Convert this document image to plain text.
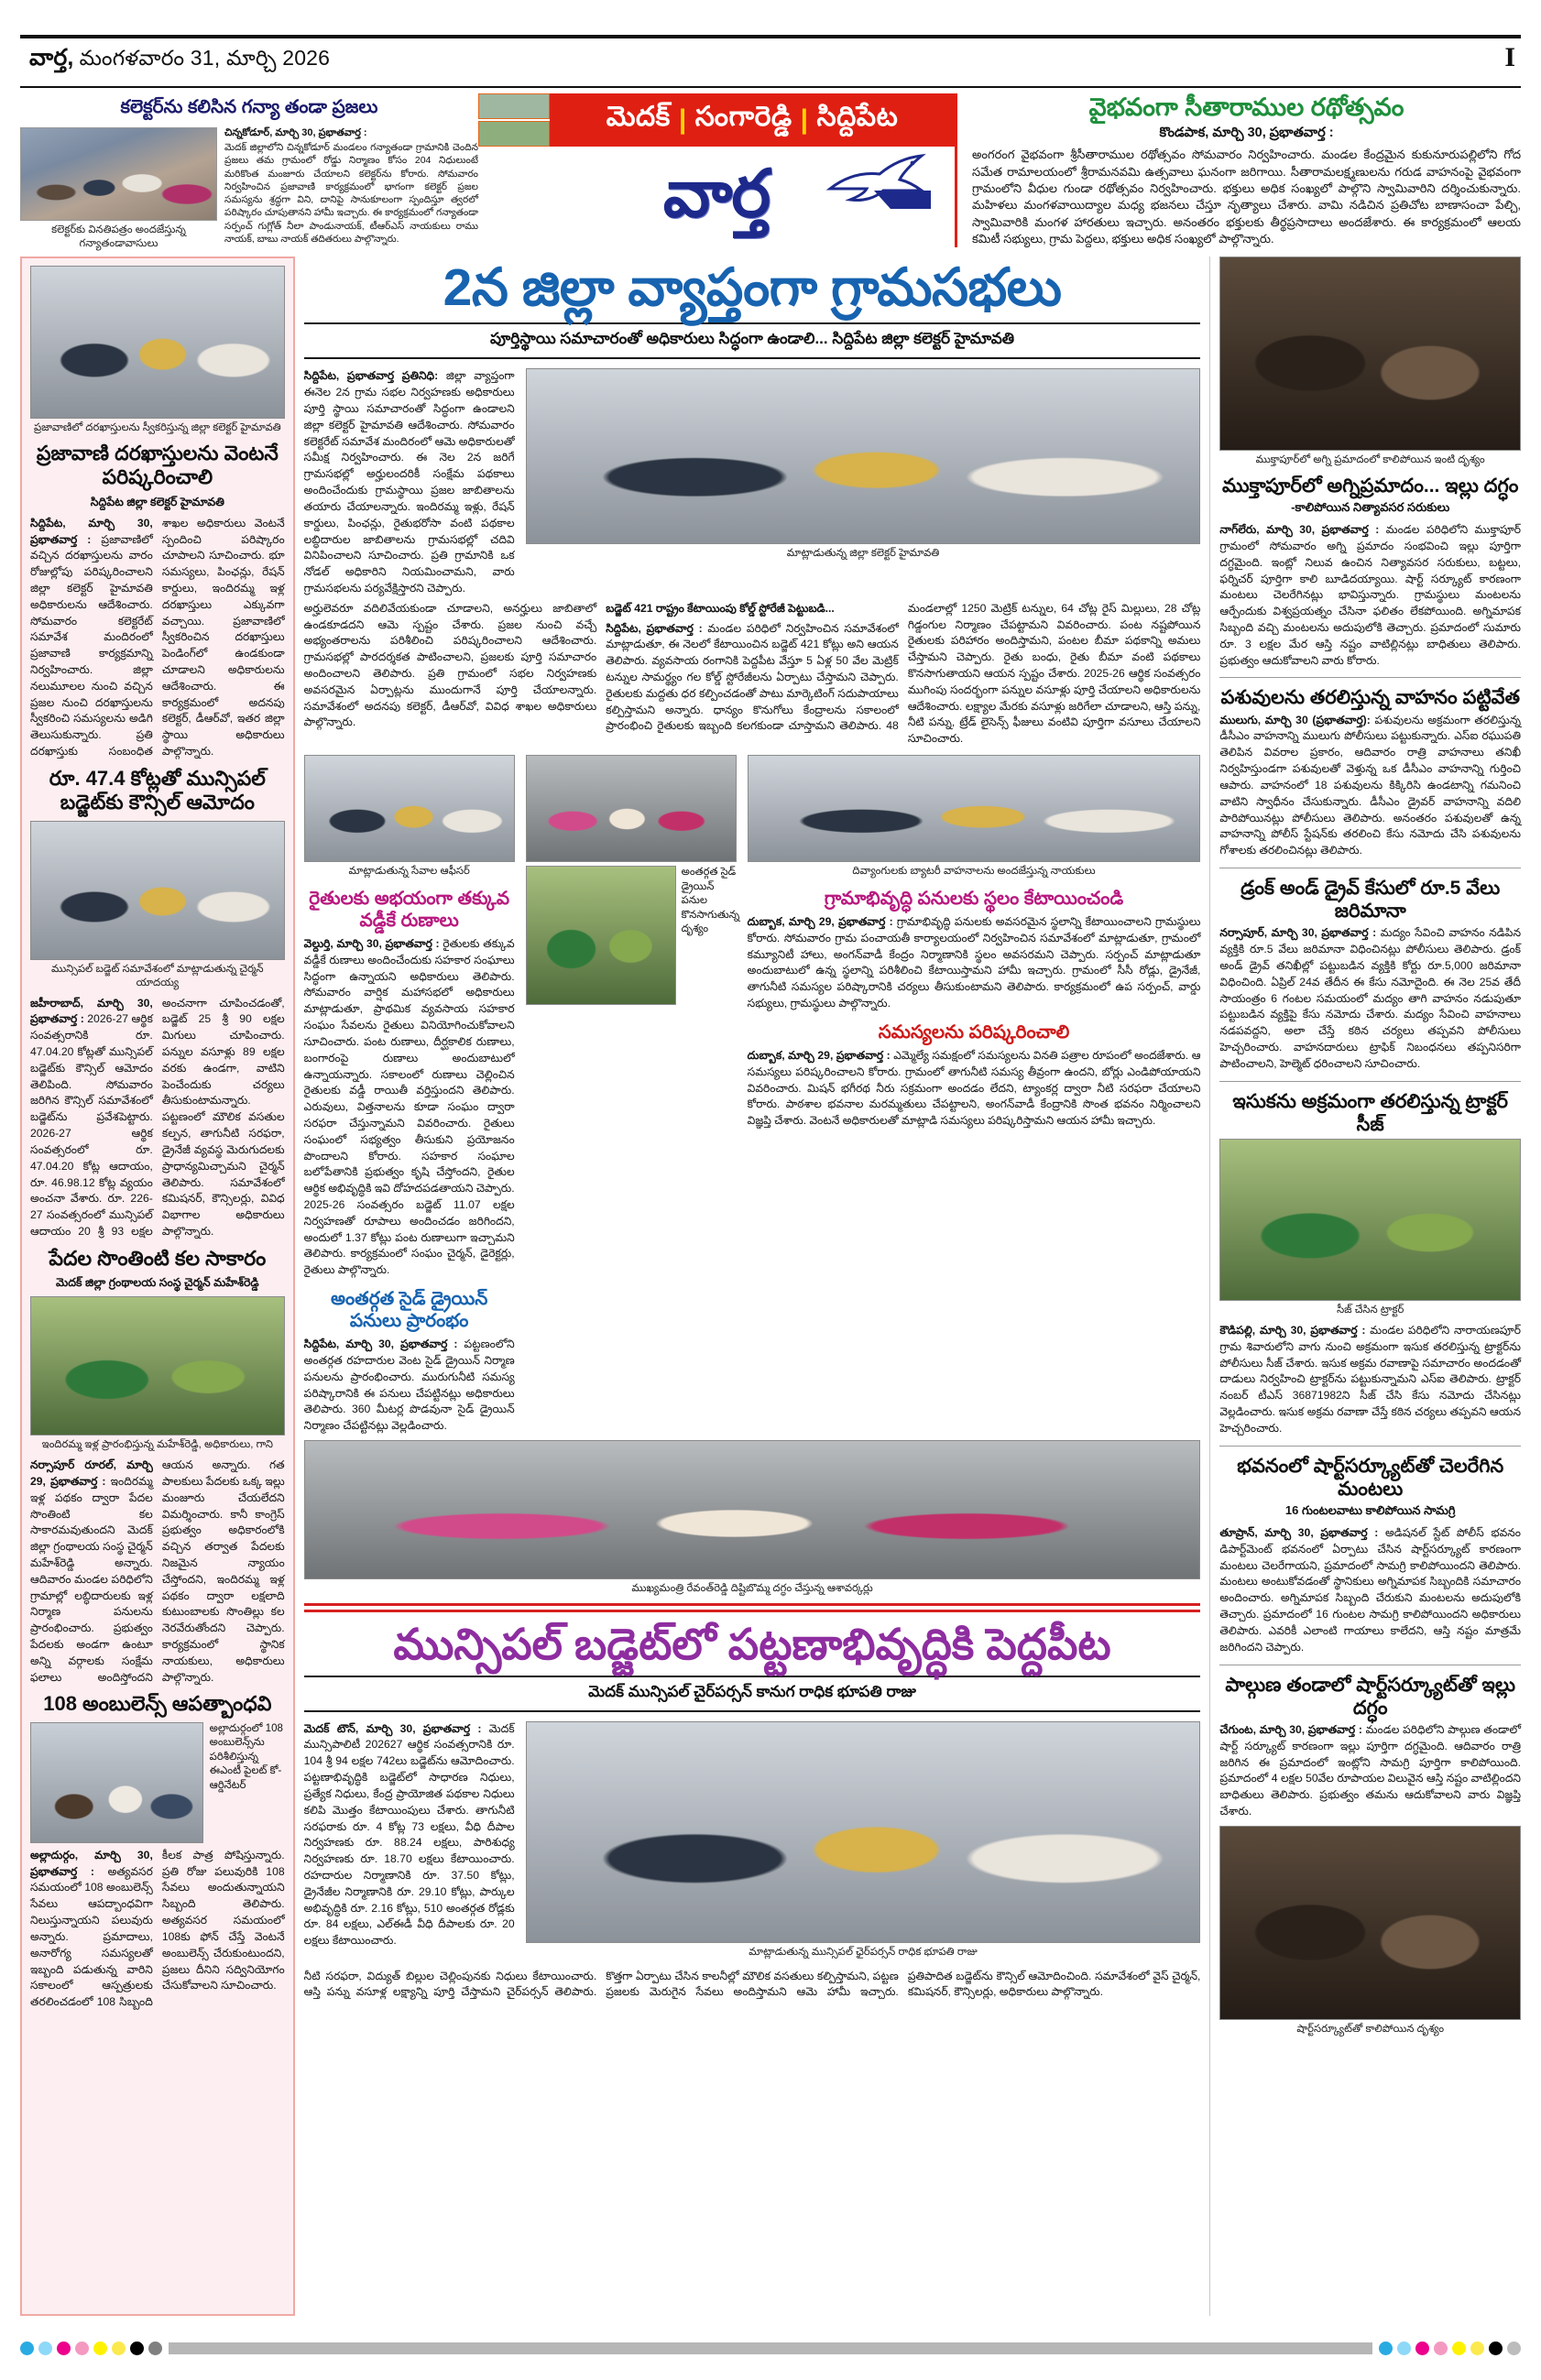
వార్త, మంగళవారం 31, మార్చి 2026	I
కలెక్టర్‌ను కలిసిన గన్యా తండా ప్రజలు
కలెక్టర్‌కు వినతిపత్రం అందజేస్తున్న గన్యాతండావాసులు
చిన్నకోడూర్, మార్చి 30, ప్రభాతవార్త :
మెదక్ జిల్లాలోని చిన్నకోడూర్ మండలం గన్యాతండా గ్రామానికి చెందిన ప్రజలు తమ గ్రామంలో రోడ్డు నిర్మాణం కోసం 204 నిధులుంటే మరికొంత మంజూరు చేయాలని కలెక్టర్‌ను కోరారు. సోమవారం నిర్వహించిన ప్రజావాణి కార్యక్రమంలో భాగంగా కలెక్టర్ ప్రజల సమస్యను శ్రద్ధగా విని, దానిపై సానుకూలంగా స్పందిస్తూ త్వరలో పరిష్కారం చూపుతానని హామీ ఇచ్చారు. ఈ కార్యక్రమంలో గన్యాతండా సర్పంచ్ గుగ్లోత్ నీలా పాండునాయక్, టీఆర్ఎస్ నాయకులు రాము నాయక్, బాబు నాయక్ తదితరులు పాల్గొన్నారు.
మెదక్ | సంగారెడ్డి | సిద్దిపేట
వార్త
వైభవంగా సీతారాముల రథోత్సవం
కొండపాక, మార్చి 30, ప్రభాతవార్త :
అంగరంగ వైభవంగా శ్రీసీతారాముల రథోత్సవం సోమవారం నిర్వహించారు. మండల కేంద్రమైన కుకునూరుపల్లిలోని గోద సమేత రామాలయంలో శ్రీరామనవమి ఉత్సవాలు ఘనంగా జరిగాయి. సీతారామలక్ష్మణులను గరుడ వాహనంపై వైభవంగా గ్రామంలోని వీధుల గుండా రథోత్సవం నిర్వహించారు. భక్తులు అధిక సంఖ్యలో పాల్గొని స్వామివారిని దర్శించుకున్నారు. మహిళలు మంగళవాయిద్యాల మధ్య భజనలు చేస్తూ నృత్యాలు చేశారు. వామి నడిచిన ప్రతిచోట బాణాసంచా పేల్చి, స్వామివారికి మంగళ హారతులు ఇచ్చారు. అనంతరం భక్తులకు తీర్థప్రసాదాలు అందజేశారు. ఈ కార్యక్రమంలో ఆలయ కమిటీ సభ్యులు, గ్రామ పెద్దలు, భక్తులు అధిక సంఖ్యలో పాల్గొన్నారు.
ప్రజావాణిలో దరఖాస్తులను స్వీకరిస్తున్న జిల్లా కలెక్టర్ హైమావతి
ప్రజావాణి దరఖాస్తులను వెంటనే పరిష్కరించాలి
సిద్దిపేట జిల్లా కలెక్టర్ హైమావతి
సిద్దిపేట, మార్చి 30, ప్రభాతవార్త : ప్రజావాణిలో వచ్చిన దరఖాస్తులను వారం రోజుల్లోపు పరిష్కరించాలని జిల్లా కలెక్టర్ హైమావతి అధికారులను ఆదేశించారు. సోమవారం కలెక్టరేట్ సమావేశ మందిరంలో ప్రజావాణి కార్యక్రమాన్ని నిర్వహించారు. జిల్లా నలుమూలల నుంచి వచ్చిన ప్రజల నుంచి దరఖాస్తులను స్వీకరించి సమస్యలను అడిగి తెలుసుకున్నారు. ప్రతి దరఖాస్తుకు సంబంధిత శాఖల అధికారులు వెంటనే స్పందించి పరిష్కారం చూపాలని సూచించారు. భూ సమస్యలు, పింఛన్లు, రేషన్ కార్డులు, ఇందిరమ్మ ఇళ్ల దరఖాస్తులు ఎక్కువగా వచ్చాయి. ప్రజావాణిలో స్వీకరించిన దరఖాస్తులు పెండింగ్‌లో ఉండకుండా చూడాలని అధికారులను ఆదేశించారు. ఈ కార్యక్రమంలో అదనపు కలెక్టర్, డీఆర్‌వో, ఇతర జిల్లా స్థాయి అధికారులు పాల్గొన్నారు.
రూ. 47.4 కోట్లతో మున్సిపల్ బడ్జెట్‌కు కౌన్సిల్ ఆమోదం
మున్సిపల్ బడ్జెట్ సమావేశంలో మాట్లాడుతున్న చైర్మన్ యాదయ్య
జహీరాబాద్, మార్చి 30, ప్రభాతవార్త : 2026-27 ఆర్థిక సంవత్సరానికి రూ. 47.04.20 కోట్లతో మున్సిపల్ బడ్జెట్‌కు కౌన్సిల్ ఆమోదం తెలిపింది. సోమవారం జరిగిన కౌన్సిల్ సమావేశంలో బడ్జెట్‌ను ప్రవేశపెట్టారు. 2026-27 ఆర్థిక సంవత్సరంలో రూ. 47.04.20 కోట్ల ఆదాయం, రూ. 46.98.12 కోట్ల వ్యయం అంచనా వేశారు. రూ. 226-27 సంవత్సరంలో మున్సిపల్ ఆదాయం 20 శ్రీ 93 లక్షల అంచనాగా చూపించడంతో, బడ్జెట్ 25 శ్రీ 90 లక్షల మిగులు చూపించారు. పన్నుల వసూళ్లు 89 లక్షల వరకు ఉండగా, వాటిని పెంచేందుకు చర్యలు తీసుకుంటామన్నారు. పట్టణంలో మౌలిక వసతుల కల్పన, తాగునీటి సరఫరా, డ్రైనేజీ వ్యవస్థ మెరుగుదలకు ప్రాధాన్యమిచ్చామని చైర్మన్ తెలిపారు. సమావేశంలో కమిషనర్, కౌన్సిలర్లు, వివిధ విభాగాల అధికారులు పాల్గొన్నారు.
పేదల సొంతింటి కల సాకారం
మెదక్ జిల్లా గ్రంథాలయ సంస్థ చైర్మన్ మహేశ్‌రెడ్డి
ఇందిరమ్మ ఇళ్ల ప్రారంభిస్తున్న మహేశ్‌రెడ్డి, అధికారులు, గాని
నర్సాపూర్ రూరల్, మార్చి 29, ప్రభాతవార్త : ఇందిరమ్మ ఇళ్ల పథకం ద్వారా పేదల సొంతింటి కల సాకారమవుతుందని మెదక్ జిల్లా గ్రంథాలయ సంస్థ చైర్మన్ మహేశ్‌రెడ్డి అన్నారు. ఆదివారం మండల పరిధిలోని గ్రామాల్లో లబ్ధిదారులకు ఇళ్ల నిర్మాణ పనులను ప్రారంభించారు. ప్రభుత్వం పేదలకు అండగా ఉంటూ అన్ని వర్గాలకు సంక్షేమ ఫలాలు అందిస్తోందని ఆయన అన్నారు. గత పాలకులు పేదలకు ఒక్క ఇల్లు మంజూరు చేయలేదని విమర్శించారు. కానీ కాంగ్రెస్ ప్రభుత్వం అధికారంలోకి వచ్చిన తర్వాత పేదలకు నిజమైన న్యాయం చేస్తోందని, ఇందిరమ్మ ఇళ్ల పథకం ద్వారా లక్షలాది కుటుంబాలకు సొంతిల్లు కల నెరవేరుతోందని చెప్పారు. కార్యక్రమంలో స్థానిక నాయకులు, అధికారులు పాల్గొన్నారు.
108 అంబులెన్స్ ఆపత్బాంధవి
అల్లాదుర్గంలో 108 అంబులెన్స్‌ను పరిశీలిస్తున్న ఈఎంటీ పైలట్ కో-ఆర్డినేటర్
అల్లాదుర్గం, మార్చి 30, ప్రభాతవార్త : అత్యవసర సమయంలో 108 అంబులెన్స్ సేవలు ఆపద్బాంధవిగా నిలుస్తున్నాయని పలువురు అన్నారు. ప్రమాదాలు, అనారోగ్య సమస్యలతో ఇబ్బంది పడుతున్న వారిని సకాలంలో ఆస్పత్రులకు తరలించడంలో 108 సిబ్బంది కీలక పాత్ర పోషిస్తున్నారు. ప్రతి రోజు పలువురికి 108 సేవలు అందుతున్నాయని సిబ్బంది తెలిపారు. అత్యవసర సమయంలో 108కు ఫోన్ చేస్తే వెంటనే అంబులెన్స్ చేరుకుంటుందని, ప్రజలు దీనిని సద్వినియోగం చేసుకోవాలని సూచించారు.
2న జిల్లా వ్యాప్తంగా గ్రామసభలు
పూర్తిస్థాయి సమాచారంతో అధికారులు సిద్ధంగా ఉండాలి... సిద్దిపేట జిల్లా కలెక్టర్ హైమావతి
సిద్దిపేట, ప్రభాతవార్త ప్రతినిధి: జిల్లా వ్యాప్తంగా ఈనెల 2న గ్రామ సభల నిర్వహణకు అధికారులు పూర్తి స్థాయి సమాచారంతో సిద్ధంగా ఉండాలని జిల్లా కలెక్టర్ హైమావతి ఆదేశించారు. సోమవారం కలెక్టరేట్ సమావేశ మందిరంలో ఆమె అధికారులతో సమీక్ష నిర్వహించారు. ఈ నెల 2న జరిగే గ్రామసభల్లో అర్హులందరికీ సంక్షేమ పథకాలు అందించేందుకు గ్రామస్థాయి ప్రజల జాబితాలను తయారు చేయాలన్నారు. ఇందిరమ్మ ఇళ్లు, రేషన్ కార్డులు, పింఛన్లు, రైతుభరోసా వంటి పథకాల లబ్ధిదారుల జాబితాలను గ్రామసభల్లో చదివి వినిపించాలని సూచించారు. ప్రతి గ్రామానికి ఒక నోడల్ అధికారిని నియమించామని, వారు గ్రామసభలను పర్యవేక్షిస్తారని చెప్పారు.
మాట్లాడుతున్న జిల్లా కలెక్టర్ హైమావతి
అర్హులెవరూ వదిలివేయకుండా చూడాలని, అనర్హులు జాబితాలో ఉండకూడదని ఆమె స్పష్టం చేశారు. ప్రజల నుంచి వచ్చే అభ్యంతరాలను పరిశీలించి పరిష్కరించాలని ఆదేశించారు. గ్రామసభల్లో పారదర్శకత పాటించాలని, ప్రజలకు పూర్తి సమాచారం అందించాలని తెలిపారు. ప్రతి గ్రామంలో సభల నిర్వహణకు అవసరమైన ఏర్పాట్లను ముందుగానే పూర్తి చేయాలన్నారు. సమావేశంలో అదనపు కలెక్టర్, డీఆర్‌వో, వివిధ శాఖల అధికారులు పాల్గొన్నారు.
బడ్జెట్ 421 రాష్ట్రం కేటాయింపు కోల్డ్ స్టోరేజీ పెట్టుబడి...
సిద్దిపేట, ప్రభాతవార్త : మండల పరిధిలో నిర్వహించిన సమావేశంలో మాట్లాడుతూ, ఈ నెలలో కేటాయించిన బడ్జెట్ 421 కోట్లు అని ఆయన తెలిపారు. వ్యవసాయ రంగానికి పెద్దపీట వేస్తూ 5 ఏళ్ల 50 వేల మెట్రిక్ టన్నుల సామర్థ్యం గల కోల్డ్ స్టోరేజీలను ఏర్పాటు చేస్తామని చెప్పారు. రైతులకు మద్దతు ధర కల్పించడంతో పాటు మార్కెటింగ్ సదుపాయాలు కల్పిస్తామని అన్నారు. ధాన్యం కొనుగోలు కేంద్రాలను సకాలంలో ప్రారంభించి రైతులకు ఇబ్బంది కలగకుండా చూస్తామని తెలిపారు. 48 మండలాల్లో 1250 మెట్రిక్ టన్నుల, 64 చోట్ల రైస్ మిల్లులు, 28 చోట్ల గిడ్డంగుల నిర్మాణం చేపట్టామని వివరించారు. పంట నష్టపోయిన రైతులకు పరిహారం అందిస్తామని, పంటల బీమా పథకాన్ని అమలు చేస్తామని చెప్పారు. రైతు బంధు, రైతు బీమా వంటి పథకాలు కొనసాగుతాయని ఆయన స్పష్టం చేశారు. 2025-26 ఆర్థిక సంవత్సరం ముగింపు సందర్భంగా పన్నుల వసూళ్లు పూర్తి చేయాలని అధికారులను ఆదేశించారు. లక్ష్యాల మేరకు వసూళ్లు జరిగేలా చూడాలని, ఆస్తి పన్ను, నీటి పన్ను, ట్రేడ్ లైసెన్స్ ఫీజులు వంటివి పూర్తిగా వసూలు చేయాలని సూచించారు.
మాట్లాడుతున్న సేవాల ఆఫీసర్
రైతులకు అభయంగా తక్కువ వడ్డీకే రుణాలు
వెల్దుర్తి, మార్చి 30, ప్రభాతవార్త : రైతులకు తక్కువ వడ్డీకే రుణాలు అందించేందుకు సహకార సంఘాలు సిద్ధంగా ఉన్నాయని అధికారులు తెలిపారు. సోమవారం వార్షిక మహాసభలో అధికారులు మాట్లాడుతూ, ప్రాథమిక వ్యవసాయ సహకార సంఘం సేవలను రైతులు వినియోగించుకోవాలని సూచించారు. పంట రుణాలు, దీర్ఘకాలిక రుణాలు, బంగారంపై రుణాలు అందుబాటులో ఉన్నాయన్నారు. సకాలంలో రుణాలు చెల్లించిన రైతులకు వడ్డీ రాయితీ వర్తిస్తుందని తెలిపారు. ఎరువులు, విత్తనాలను కూడా సంఘం ద్వారా సరఫరా చేస్తున్నామని వివరించారు. రైతులు సంఘంలో సభ్యత్వం తీసుకుని ప్రయోజనం పొందాలని కోరారు. సహకార సంఘాల బలోపేతానికి ప్రభుత్వం కృషి చేస్తోందని, రైతుల ఆర్థిక అభివృద్ధికి ఇవి దోహదపడతాయని చెప్పారు. 2025-26 సంవత్సరం బడ్జెట్ 11.07 లక్షల నిర్వహణతో రూపాలు అందించడం జరిగిందని, అందులో 1.37 కోట్లు పంట రుణాలుగా ఇచ్చామని తెలిపారు. కార్యక్రమంలో సంఘం చైర్మన్, డైరెక్టర్లు, రైతులు పాల్గొన్నారు.
అంతర్గత సైడ్ డ్రైయిన్ పనులు ప్రారంభం
సిద్దిపేట, మార్చి 30, ప్రభాతవార్త : పట్టణంలోని అంతర్గత రహదారుల వెంట సైడ్ డ్రైయిన్ నిర్మాణ పనులను ప్రారంభించారు. మురుగునీటి సమస్య పరిష్కారానికి ఈ పనులు చేపట్టినట్లు అధికారులు తెలిపారు. 360 మీటర్ల పొడవునా సైడ్ డ్రైయిన్ నిర్మాణం చేపట్టినట్లు వెల్లడించారు.
అంతర్గత సైడ్ డ్రైయిన్ పనుల కొనసాగుతున్న దృశ్యం
దివ్యాంగులకు బ్యాటరీ వాహనాలను అందజేస్తున్న నాయకులు
గ్రామాభివృద్ధి పనులకు స్థలం కేటాయించండి
దుబ్బాక, మార్చి 29, ప్రభాతవార్త : గ్రామాభివృద్ధి పనులకు అవసరమైన స్థలాన్ని కేటాయించాలని గ్రామస్థులు కోరారు. సోమవారం గ్రామ పంచాయతీ కార్యాలయంలో నిర్వహించిన సమావేశంలో మాట్లాడుతూ, గ్రామంలో కమ్యూనిటీ హాలు, అంగన్‌వాడీ కేంద్రం నిర్మాణానికి స్థలం అవసరమని చెప్పారు. సర్పంచ్ మాట్లాడుతూ అందుబాటులో ఉన్న స్థలాన్ని పరిశీలించి కేటాయిస్తామని హామీ ఇచ్చారు. గ్రామంలో సీసీ రోడ్లు, డ్రైనేజీ, తాగునీటి సమస్యల పరిష్కారానికి చర్యలు తీసుకుంటామని తెలిపారు. కార్యక్రమంలో ఉప సర్పంచ్, వార్డు సభ్యులు, గ్రామస్థులు పాల్గొన్నారు.
సమస్యలను పరిష్కరించాలి
దుబ్బాక, మార్చి 29, ప్రభాతవార్త : ఎమ్మెల్యే సమక్షంలో సమస్యలను వినతి పత్రాల రూపంలో అందజేశారు. ఆ సమస్యలు పరిష్కరించాలని కోరారు. గ్రామంలో తాగునీటి సమస్య తీవ్రంగా ఉందని, బోర్లు ఎండిపోయాయని వివరించారు. మిషన్ భగీరథ నీరు సక్రమంగా అందడం లేదని, ట్యాంకర్ల ద్వారా నీటి సరఫరా చేయాలని కోరారు. పాఠశాల భవనాల మరమ్మతులు చేపట్టాలని, అంగన్‌వాడీ కేంద్రానికి సొంత భవనం నిర్మించాలని విజ్ఞప్తి చేశారు. వెంటనే అధికారులతో మాట్లాడి సమస్యలు పరిష్కరిస్తామని ఆయన హామీ ఇచ్చారు.
ముఖ్యమంత్రి రేవంత్‌రెడ్డి దిష్టిబొమ్మ దగ్ధం చేస్తున్న ఆశావర్కర్లు
మున్సిపల్ బడ్జెట్‌లో పట్టణాభివృద్ధికి పెద్దపీట
మెదక్ మున్సిపల్ చైర్‌పర్సన్ కానుగ రాధిక భూపతి రాజు
మెదక్ టౌన్, మార్చి 30, ప్రభాతవార్త : మెదక్ మున్సిపాలిటీ 202627 ఆర్థిక సంవత్సరానికి రూ. 104 శ్రీ 94 లక్షల 742లు బడ్జెట్‌ను ఆమోదించారు. పట్టణాభివృద్ధికి బడ్జెట్‌లో సాధారణ నిధులు, ప్రత్యేక నిధులు, కేంద్ర ప్రాయోజిత పథకాల నిధులు కలిపి మొత్తం కేటాయింపులు చేశారు. తాగునీటి సరఫరాకు రూ. 4 కోట్ల 73 లక్షలు, వీధి దీపాల నిర్వహణకు రూ. 88.24 లక్షలు, పారిశుధ్య నిర్వహణకు రూ. 18.70 లక్షలు కేటాయించారు. రహదారుల నిర్మాణానికి రూ. 37.50 కోట్లు, డ్రైనేజీల నిర్మాణానికి రూ. 29.10 కోట్లు, పార్కుల అభివృద్ధికి రూ. 2.16 కోట్లు, 510 అంతర్గత రోడ్లకు రూ. 84 లక్షలు, ఎల్‌ఈడీ వీధి దీపాలకు రూ. 20 లక్షలు కేటాయించారు.
మాట్లాడుతున్న మున్సిపల్ ఛైర్‌పర్సన్ రాధిక భూపతి రాజు
నీటి సరఫరా, విద్యుత్ బిల్లుల చెల్లింపునకు నిధులు కేటాయించారు. ఆస్తి పన్ను వసూళ్ల లక్ష్యాన్ని పూర్తి చేస్తామని చైర్‌పర్సన్ తెలిపారు. కొత్తగా ఏర్పాటు చేసిన కాలనీల్లో మౌలిక వసతులు కల్పిస్తామని, పట్టణ ప్రజలకు మెరుగైన సేవలు అందిస్తామని ఆమె హామీ ఇచ్చారు. ప్రతిపాదిత బడ్జెట్‌ను కౌన్సిల్ ఆమోదించింది. సమావేశంలో వైస్ చైర్మన్, కమిషనర్, కౌన్సిలర్లు, అధికారులు పాల్గొన్నారు.
ముక్తాపూర్‌లో అగ్ని ప్రమాదంలో కాలిపోయిన ఇంటి దృశ్యం
ముక్తాపూర్‌లో అగ్నిప్రమాదం... ఇల్లు దగ్ధం
-కాలిపోయిన నిత్యావసర సరుకులు
నాగ్‌లేరు, మార్చి 30, ప్రభాతవార్త : మండల పరిధిలోని ముక్తాపూర్ గ్రామంలో సోమవారం అగ్ని ప్రమాదం సంభవించి ఇల్లు పూర్తిగా దగ్ధమైంది. ఇంట్లో నిలువ ఉంచిన నిత్యావసర సరుకులు, బట్టలు, ఫర్నిచర్ పూర్తిగా కాలి బూడిదయ్యాయి. షార్ట్ సర్క్యూట్ కారణంగా మంటలు చెలరేగినట్లు భావిస్తున్నారు. గ్రామస్థులు మంటలను ఆర్పేందుకు విశ్వప్రయత్నం చేసినా ఫలితం లేకపోయింది. అగ్నిమాపక సిబ్బంది వచ్చి మంటలను అదుపులోకి తెచ్చారు. ప్రమాదంలో సుమారు రూ. 3 లక్షల మేర ఆస్తి నష్టం వాటిల్లినట్లు బాధితులు తెలిపారు. ప్రభుత్వం ఆదుకోవాలని వారు కోరారు.
పశువులను తరలిస్తున్న వాహనం పట్టివేత
ములుగు, మార్చి 30 (ప్రభాతవార్త): పశువులను అక్రమంగా తరలిస్తున్న డీసీఎం వాహనాన్ని ములుగు పోలీసులు పట్టుకున్నారు. ఎస్‌ఐ రఘుపతి తెలిపిన వివరాల ప్రకారం, ఆదివారం రాత్రి వాహనాలు తనిఖీ నిర్వహిస్తుండగా పశువులతో వెళ్తున్న ఒక డీసీఎం వాహనాన్ని గుర్తించి ఆపారు. వాహనంలో 18 పశువులను కిక్కిరిసి ఉండటాన్ని గమనించి వాటిని స్వాధీనం చేసుకున్నారు. డీసీఎం డ్రైవర్ వాహనాన్ని వదిలి పారిపోయినట్లు పోలీసులు తెలిపారు. అనంతరం పశువులతో ఉన్న వాహనాన్ని పోలీస్ స్టేషన్‌కు తరలించి కేసు నమోదు చేసి పశువులను గోశాలకు తరలించినట్లు తెలిపారు.
డ్రంక్ అండ్ డ్రైవ్ కేసులో రూ.5 వేలు జరిమానా
నర్సాపూర్, మార్చి 30, ప్రభాతవార్త : మద్యం సేవించి వాహనం నడిపిన వ్యక్తికి రూ.5 వేలు జరిమానా విధించినట్లు పోలీసులు తెలిపారు. డ్రంక్ అండ్ డ్రైవ్ తనిఖీల్లో పట్టుబడిన వ్యక్తికి కోర్టు రూ.5,000 జరిమానా విధించింది. ఏప్రిల్ 24వ తేదీన ఈ కేసు నమోదైంది. ఈ నెల 25వ తేదీ సాయంత్రం 6 గంటల సమయంలో మద్యం తాగి వాహనం నడుపుతూ పట్టుబడిన వ్యక్తిపై కేసు నమోదు చేశారు. మద్యం సేవించి వాహనాలు నడపవద్దని, అలా చేస్తే కఠిన చర్యలు తప్పవని పోలీసులు హెచ్చరించారు. వాహనదారులు ట్రాఫిక్ నిబంధనలు తప్పనిసరిగా పాటించాలని, హెల్మెట్ ధరించాలని సూచించారు.
ఇసుకను అక్రమంగా తరలిస్తున్న ట్రాక్టర్ సీజ్
సీజ్ చేసిన ట్రాక్టర్
కౌడిపల్లి, మార్చి 30, ప్రభాతవార్త : మండల పరిధిలోని నారాయణపూర్ గ్రామ శివారులోని వాగు నుంచి అక్రమంగా ఇసుక తరలిస్తున్న ట్రాక్టర్‌ను పోలీసులు సీజ్ చేశారు. ఇసుక అక్రమ రవాణాపై సమాచారం అందడంతో దాడులు నిర్వహించి ట్రాక్టర్‌ను పట్టుకున్నామని ఎస్‌ఐ తెలిపారు. ట్రాక్టర్ నంబర్ టీఎస్ 36871982ని సీజ్ చేసి కేసు నమోదు చేసినట్లు వెల్లడించారు. ఇసుక అక్రమ రవాణా చేస్తే కఠిన చర్యలు తప్పవని ఆయన హెచ్చరించారు.
భవనంలో షార్ట్‌సర్క్యూట్‌తో చెలరేగిన మంటలు
16 గుంటలవాటు కాలిపోయిన సామగ్రి
తూప్రాన్, మార్చి 30, ప్రభాతవార్త : అడిషనల్ స్టేట్ పోలీస్ భవనం డిపార్ట్‌మెంట్ భవనంలో ఏర్పాటు చేసిన షార్ట్‌సర్క్యూట్ కారణంగా మంటలు చెలరేగాయని, ప్రమాదంలో సామగ్రి కాలిపోయిందని తెలిపారు. మంటలు అంటుకోవడంతో స్థానికులు అగ్నిమాపక సిబ్బందికి సమాచారం అందించారు. అగ్నిమాపక సిబ్బంది చేరుకుని మంటలను అదుపులోకి తెచ్చారు. ప్రమాదంలో 16 గుంటల సామగ్రి కాలిపోయిందని అధికారులు తెలిపారు. ఎవరికీ ఎలాంటి గాయాలు కాలేదని, ఆస్తి నష్టం మాత్రమే జరిగిందని చెప్పారు.
పాల్గుణ తండాలో షార్ట్‌సర్క్యూట్‌తో ఇల్లు దగ్ధం
చేగుంట, మార్చి 30, ప్రభాతవార్త : మండల పరిధిలోని పాల్గుణ తండాలో షార్ట్ సర్క్యూట్ కారణంగా ఇల్లు పూర్తిగా దగ్ధమైంది. ఆదివారం రాత్రి జరిగిన ఈ ప్రమాదంలో ఇంట్లోని సామగ్రి పూర్తిగా కాలిపోయింది. ప్రమాదంలో 4 లక్షల 50వేల రూపాయల విలువైన ఆస్తి నష్టం వాటిల్లిందని బాధితులు తెలిపారు. ప్రభుత్వం తమను ఆదుకోవాలని వారు విజ్ఞప్తి చేశారు.
షార్ట్‌సర్క్యూట్‌తో కాలిపోయిన దృశ్యం
